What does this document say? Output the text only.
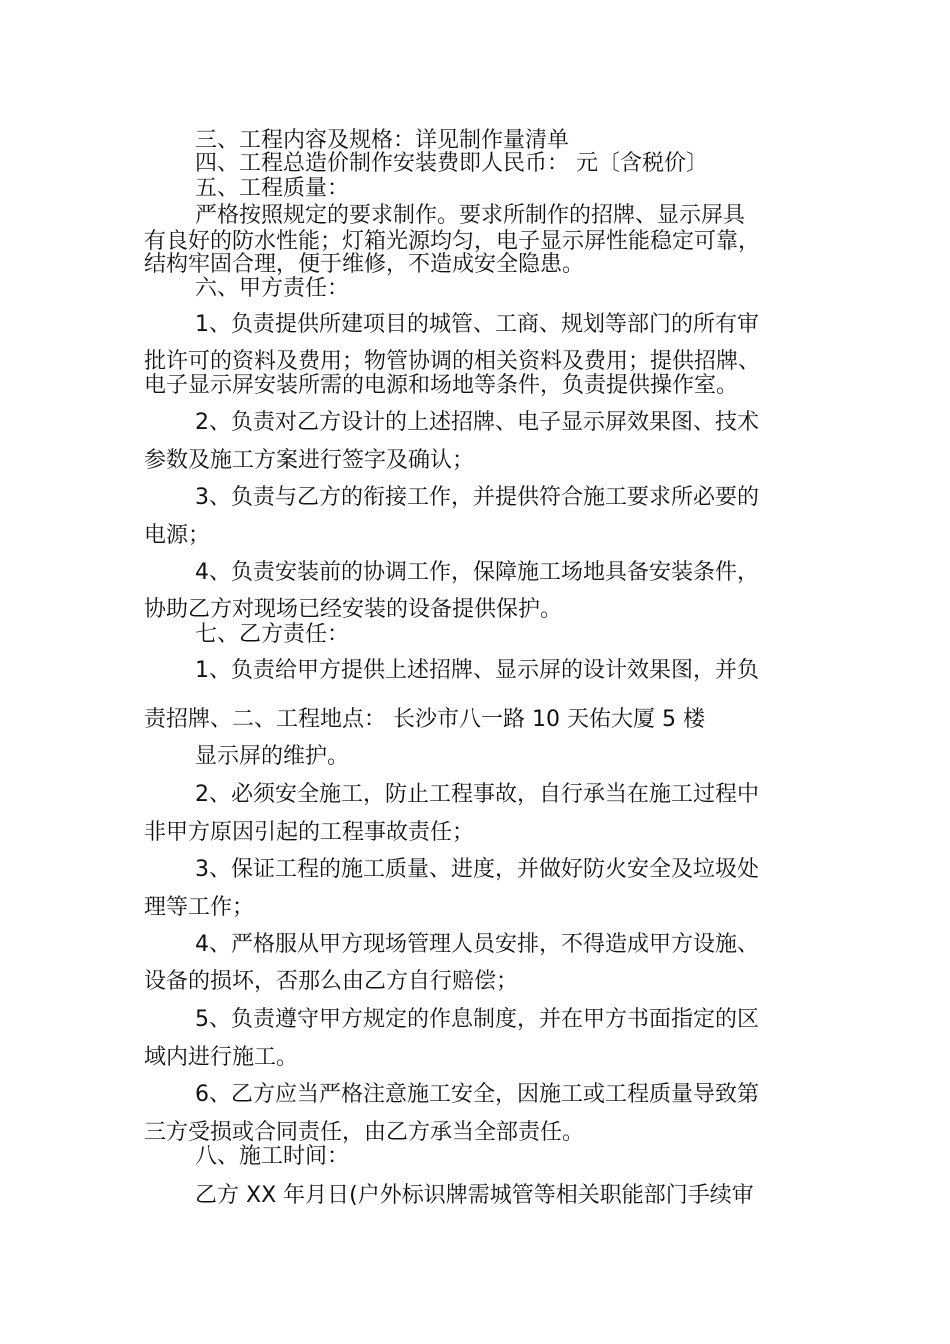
三、工程内容及规格：详见制作量清单

四、工程总造价制作安装费即人民币： 元〔含税价〕

五、工程质量：

严格按照规定的要求制作。要求所制作的招牌、显示屏具

有良好的防水性能；灯箱光源均匀，电子显示屏性能稳定可靠，

结构牢固合理，便于维修，不造成安全隐患。

六、甲方责任：

1、负责提供所建项目的城管、工商、规划等部门的所有审

批许可的资料及费用；物管协调的相关资料及费用；提供招牌、

电子显示屏安装所需的电源和场地等条件，负责提供操作室。

2、负责对乙方设计的上述招牌、电子显示屏效果图、技术

参数及施工方案进行签字及确认；

3、负责与乙方的衔接工作，并提供符合施工要求所必要的

电源；

4、负责安装前的协调工作，保障施工场地具备安装条件，

协助乙方对现场已经安装的设备提供保护。

七、乙方责任：

1、负责给甲方提供上述招牌、显示屏的设计效果图，并负

责招牌、二、工程地点： 长沙市八一路 10 天佑大厦 5 楼

显示屏的维护。

2、必须安全施工，防止工程事故，自行承当在施工过程中

非甲方原因引起的工程事故责任；

3、保证工程的施工质量、进度，并做好防火安全及垃圾处

理等工作；

4、严格服从甲方现场管理人员安排，不得造成甲方设施、

设备的损坏，否那么由乙方自行赔偿；

5、负责遵守甲方规定的作息制度，并在甲方书面指定的区

域内进行施工。

6、乙方应当严格注意施工安全，因施工或工程质量导致第

三方受损或合同责任，由乙方承当全部责任。

八、施工时间：

乙方 XX 年月日(户外标识牌需城管等相关职能部门手续审
